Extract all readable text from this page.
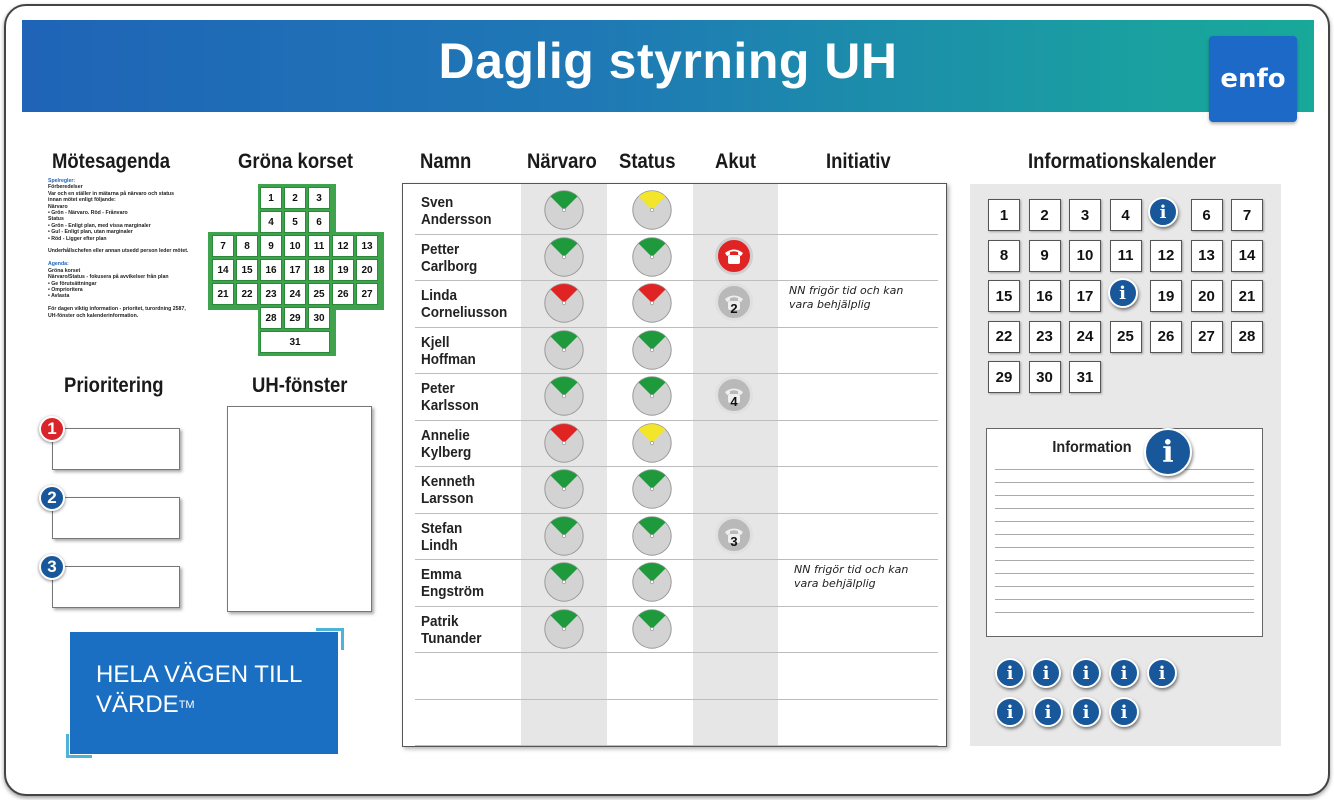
Daglig styrning UH	enfo
Mötesagenda
Spelregler:
Förberedelser
Var och en ställer in mätarna på närvaro och status
innan mötet enligt följande:
Närvaro
• Grön - Närvaro. Röd - Frånvaro
Status
• Grön - Enligt plan, med vissa marginaler
• Gul - Enligt plan, utan marginaler
• Röd - Ligger efter plan

Underhållschefen eller annan utsedd person leder mötet.

Agenda:
Gröna korset
Närvaro/Status - fokusera på avvikelser från plan
• Ge förutsättningar
• Omprioritera
• Avlasta

För dagen viktig information - prioritet, turordning 2587,
UH-fönster och kalenderinformation.
Gröna korset
1	2	3
4	5	6
7	8	9	10	11	12	13
14	15	16	17	18	19	20
21	22	23	24	25	26	27
28	29	30
31
Prioritering
1
2
3
UH-fönster
HELA VÄGEN TILL
VÄRDE™
Namn	Närvaro Status Akut	Initiativ
Sven
Andersson
Petter
Carlborg
Linda
Corneliusson	2
NN frigör tid och kan
vara behjälplig
Kjell
Hoffman
Peter
Karlsson	4
Annelie
Kylberg
Kenneth
Larsson
Stefan
Lindh	3
Emma
Engström
NN frigör tid och kan
vara behjälplig
Patrik
Tunander
Informationskalender
1	2	3	4	i	6	7
8	9	10	11	12	13	14
15	16	17	i	19	20	21
22	23	24	25	26	27	28
29	30	31
Information	i
i	i	i	i	i
i	i	i	i
